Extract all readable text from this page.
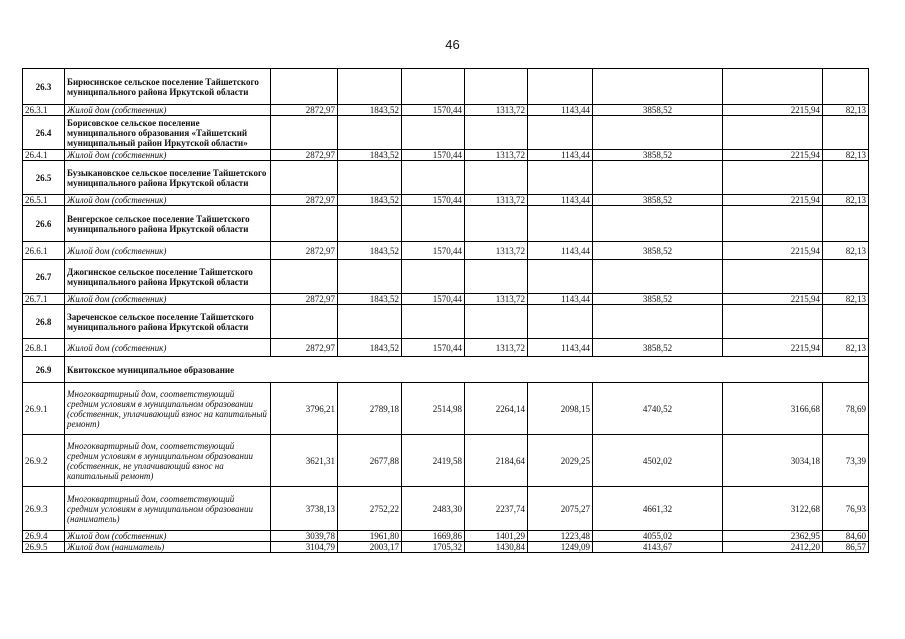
46
26.3	Бирюсинское сельское поселение Тайшетского муниципального района Иркутской области								
26.3.1	Жилой дом (собственник)	2872,97	1843,52	1570,44	1313,72	1143,44	3858,52	2215,94	82,13
26.4	Борисовское сельское поселение муниципального образования «Тайшетский муниципальный район Иркутской области»								
26.4.1	Жилой дом (собственник)	2872,97	1843,52	1570,44	1313,72	1143,44	3858,52	2215,94	82,13
26.5	Бузыкановское сельское поселение Тайшетского муниципального района Иркутской области								
26.5.1	Жилой дом (собственник)	2872,97	1843,52	1570,44	1313,72	1143,44	3858,52	2215,94	82,13
26.6	Венгерское сельское поселение Тайшетского муниципального района Иркутской области								
26.6.1	Жилой дом (собственник)	2872,97	1843,52	1570,44	1313,72	1143,44	3858,52	2215,94	82,13
26.7	Джогинское сельское поселение Тайшетского муниципального района Иркутской области								
26.7.1	Жилой дом (собственник)	2872,97	1843,52	1570,44	1313,72	1143,44	3858,52	2215,94	82,13
26.8	Зареченское сельское поселение Тайшетского муниципального района Иркутской области								
26.8.1	Жилой дом (собственник)	2872,97	1843,52	1570,44	1313,72	1143,44	3858,52	2215,94	82,13
26.9	Квитокское муниципальное образование								
26.9.1	Многоквартирный дом, соответствующий средним условиям в муниципальном образовании (собственник, уплачивающий взнос на капитальный ремонт)	3796,21	2789,18	2514,98	2264,14	2098,15	4740,52	3166,68	78,69
26.9.2	Многоквартирный дом, соответствующий средним условиям в муниципальном образовании (собственник, не уплачивающий взнос на капитальный ремонт)	3621,31	2677,88	2419,58	2184,64	2029,25	4502,02	3034,18	73,39
26.9.3	Многоквартирный дом, соответствующий средним условиям в муниципальном образовании (наниматель)	3738,13	2752,22	2483,30	2237,74	2075,27	4661,32	3122,68	76,93
26.9.4	Жилой дом (собственник)	3039,78	1961,80	1669,86	1401,29	1223,48	4055,02	2362,95	84,60
26.9.5	Жилой дом (наниматель)	3104,79	2003,17	1705,32	1430,84	1249,09	4143,67	2412,20	86,57
